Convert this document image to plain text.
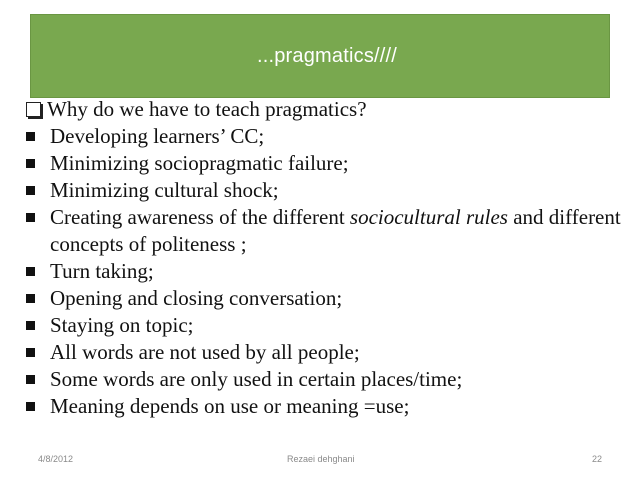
...pragmatics////
Why do we have to teach pragmatics?
Developing learners’ CC;
Minimizing sociopragmatic failure;
Minimizing cultural shock;
Creating awareness of the different sociocultural rules and different concepts of politeness ;
Turn taking;
Opening and closing conversation;
Staying on topic;
All words are not used by all people;
Some words are only used in certain places/time;
Meaning depends on use or meaning =use;
4/8/2012	Rezaei dehghani	22
